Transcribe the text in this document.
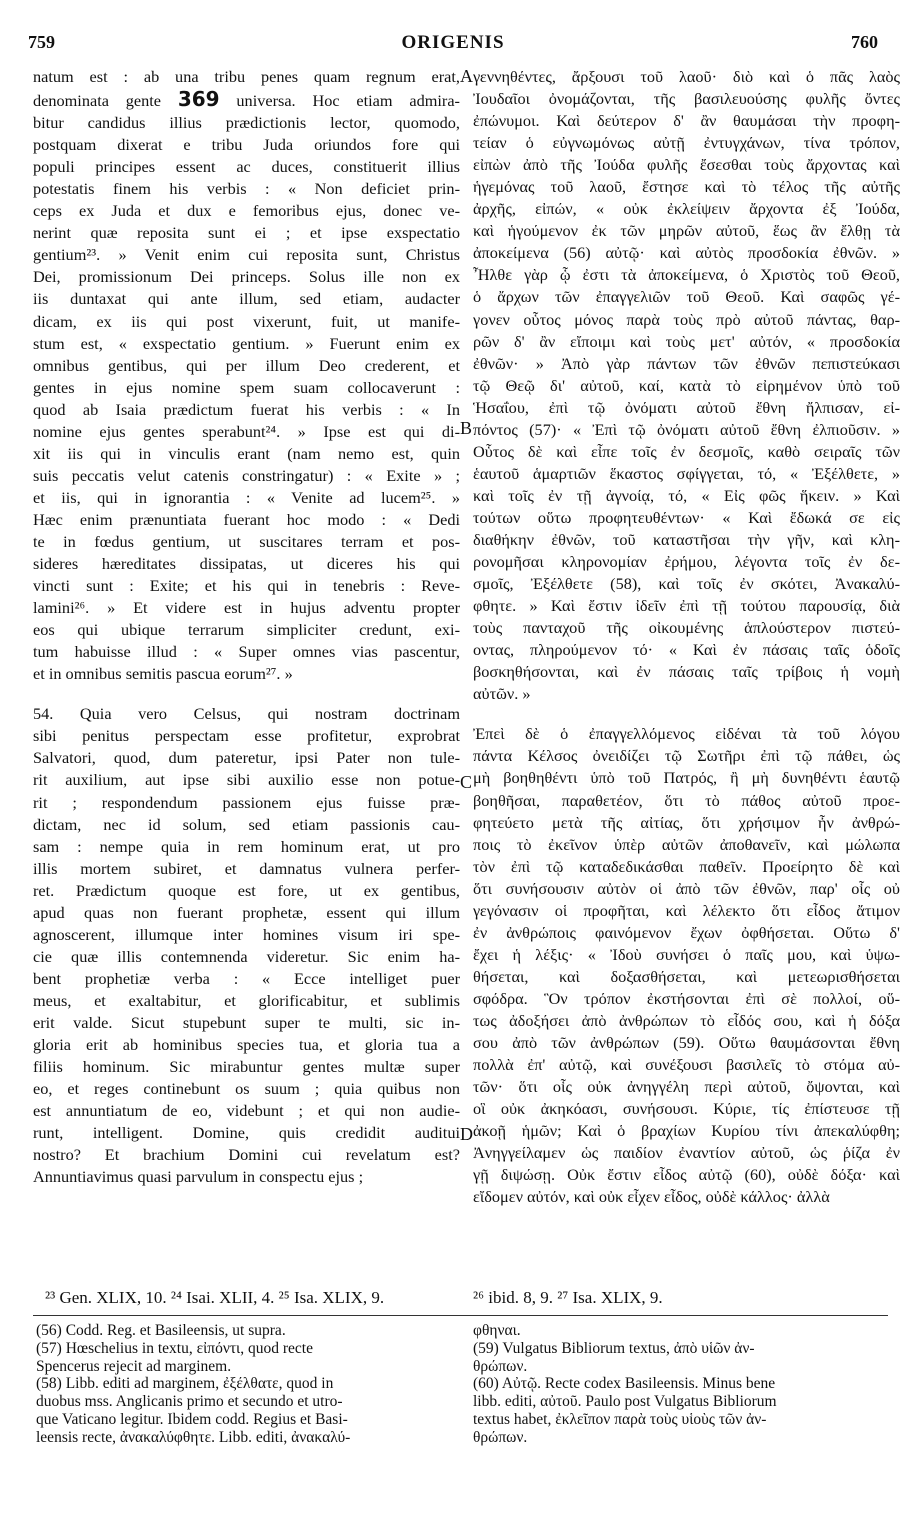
759	ORIGENIS	760
natum est : ab una tribu penes quam regnum erat,
denominata gente 369 universa. Hoc etiam admira-
bitur candidus illius prædictionis lector, quomodo,
postquam dixerat e tribu Juda oriundos fore qui
populi principes essent ac duces, constituerit illius
potestatis finem his verbis : « Non deficiet prin-
ceps ex Juda et dux e femoribus ejus, donec ve-
nerint quæ reposita sunt ei ; et ipse exspectatio
gentium²³. » Venit enim cui reposita sunt, Christus
Dei, promissionum Dei princeps. Solus ille non ex
iis duntaxat qui ante illum, sed etiam, audacter
dicam, ex iis qui post vixerunt, fuit, ut manife-
stum est, « exspectatio gentium. » Fuerunt enim ex
omnibus gentibus, qui per illum Deo crederent, et
gentes in ejus nomine spem suam collocaverunt :
quod ab Isaia prædictum fuerat his verbis : « In
nomine ejus gentes sperabunt²⁴. » Ipse est qui di-
xit iis qui in vinculis erant (nam nemo est, quin
suis peccatis velut catenis constringatur) : « Exite » ;
et iis, qui in ignorantia : « Venite ad lucem²⁵. »
Hæc enim prænuntiata fuerant hoc modo : « Dedi
te in fœdus gentium, ut suscitares terram et pos-
sideres hæreditates dissipatas, ut diceres his qui
vincti sunt : Exite; et his qui in tenebris : Reve-
lamini²⁶. » Et videre est in hujus adventu propter
eos qui ubique terrarum simpliciter credunt, exi-
tum habuisse illud : « Super omnes vias pascentur,
et in omnibus semitis pascua eorum²⁷. »
54. Quia vero Celsus, qui nostram doctrinam
sibi penitus perspectam esse profitetur, exprobrat
Salvatori, quod, dum pateretur, ipsi Pater non tule-
rit auxilium, aut ipse sibi auxilio esse non potue-
rit ; respondendum passionem ejus fuisse præ-
dictam, nec id solum, sed etiam passionis cau-
sam : nempe quia in rem hominum erat, ut pro
illis mortem subiret, et damnatus vulnera perfer-
ret. Prædictum quoque est fore, ut ex gentibus,
apud quas non fuerant prophetæ, essent qui illum
agnoscerent, illumque inter homines visum iri spe-
cie quæ illis contemnenda videretur. Sic enim ha-
bent prophetiæ verba : « Ecce intelliget puer
meus, et exaltabitur, et glorificabitur, et sublimis
erit valde. Sicut stupebunt super te multi, sic in-
gloria erit ab hominibus species tua, et gloria tua a
filiis hominum. Sic mirabuntur gentes multæ super
eo, et reges continebunt os suum ; quia quibus non
est annuntiatum de eo, videbunt ; et qui non audie-
runt, intelligent. Domine, quis credidit auditui
nostro? Et brachium Domini cui revelatum est?
Annuntiavimus quasi parvulum in conspectu ejus ;
γεννηθέντες, ἄρξουσι τοῦ λαοῦ· διὸ καὶ ὁ πᾶς λαὸς
Ἰουδαῖοι ὀνομάζονται, τῆς βασιλευούσης φυλῆς ὄντες
ἐπώνυμοι. Καὶ δεύτερον δ' ἂν θαυμάσαι τὴν προφη-
τείαν ὁ εὐγνωμόνως αὐτῇ ἐντυγχάνων, τίνα τρόπον,
εἰπὼν ἀπὸ τῆς Ἰούδα φυλῆς ἔσεσθαι τοὺς ἄρχοντας καὶ
ἡγεμόνας τοῦ λαοῦ, ἔστησε καὶ τὸ τέλος τῆς αὐτῆς
ἀρχῆς, εἰπών, « οὐκ ἐκλείψειν ἄρχοντα ἐξ Ἰούδα,
καὶ ἡγούμενον ἐκ τῶν μηρῶν αὐτοῦ, ἕως ἂν ἔλθῃ τὰ
ἀποκείμενα (56) αὐτῷ· καὶ αὐτὸς προσδοκία ἐθνῶν. »
Ἦλθε γὰρ ᾧ ἐστι τὰ ἀποκείμενα, ὁ Χριστὸς τοῦ Θεοῦ,
ὁ ἄρχων τῶν ἐπαγγελιῶν τοῦ Θεοῦ. Καὶ σαφῶς γέ-
γονεν οὗτος μόνος παρὰ τοὺς πρὸ αὐτοῦ πάντας, θαρ-
ρῶν δ' ἂν εἴποιμι καὶ τοὺς μετ' αὐτόν, « προσδοκία
ἐθνῶν· » Ἀπὸ γὰρ πάντων τῶν ἐθνῶν πεπιστεύκασι
τῷ Θεῷ δι' αὐτοῦ, καί, κατὰ τὸ εἰρημένον ὑπὸ τοῦ
Ἡσαΐου, ἐπὶ τῷ ὀνόματι αὐτοῦ ἔθνη ἤλπισαν, εἰ-
πόντος (57)· « Ἐπὶ τῷ ὀνόματι αὐτοῦ ἔθνη ἐλπιοῦσιν. »
Οὗτος δὲ καὶ εἶπε τοῖς ἐν δεσμοῖς, καθὸ σειραῖς τῶν
ἑαυτοῦ ἁμαρτιῶν ἕκαστος σφίγγεται, τό, « Ἐξέλθετε, »
καὶ τοῖς ἐν τῇ ἀγνοίᾳ, τό, « Εἰς φῶς ἥκειν. » Καὶ
τούτων οὕτω προφητευθέντων· « Καὶ ἔδωκά σε εἰς
διαθήκην ἐθνῶν, τοῦ καταστῆσαι τὴν γῆν, καὶ κλη-
ρονομῆσαι κληρονομίαν ἐρήμου, λέγοντα τοῖς ἐν δε-
σμοῖς, Ἐξέλθετε (58), καὶ τοῖς ἐν σκότει, Ἀνακαλύ-
φθητε. » Καὶ ἔστιν ἰδεῖν ἐπὶ τῇ τούτου παρουσίᾳ, διὰ
τοὺς πανταχοῦ τῆς οἰκουμένης ἁπλούστερον πιστεύ-
οντας, πληρούμενον τό· « Καὶ ἐν πάσαις ταῖς ὁδοῖς
βοσκηθήσονται, καὶ ἐν πάσαις ταῖς τρίβοις ἡ νομὴ
αὐτῶν. »
Ἐπεὶ δὲ ὁ ἐπαγγελλόμενος εἰδέναι τὰ τοῦ λόγου
πάντα Κέλσος ὀνειδίζει τῷ Σωτῆρι ἐπὶ τῷ πάθει, ὡς
μὴ βοηθηθέντι ὑπὸ τοῦ Πατρός, ἢ μὴ δυνηθέντι ἑαυτῷ
βοηθῆσαι, παραθετέον, ὅτι τὸ πάθος αὐτοῦ προε-
φητεύετο μετὰ τῆς αἰτίας, ὅτι χρήσιμον ἦν ἀνθρώ-
ποις τὸ ἐκεῖνον ὑπὲρ αὐτῶν ἀποθανεῖν, καὶ μώλωπα
τὸν ἐπὶ τῷ καταδεδικάσθαι παθεῖν. Προείρητο δὲ καὶ
ὅτι συνήσουσιν αὐτὸν οἱ ἀπὸ τῶν ἐθνῶν, παρ' οἷς οὐ
γεγόνασιν οἱ προφῆται, καὶ λέλεκτο ὅτι εἶδος ἄτιμον
ἐν ἀνθρώποις φαινόμενον ἔχων ὀφθήσεται. Οὕτω δ'
ἔχει ἡ λέξις· « Ἰδοὺ συνήσει ὁ παῖς μου, καὶ ὑψω-
θήσεται, καὶ δοξασθήσεται, καὶ μετεωρισθήσεται
σφόδρα. Ὃν τρόπον ἐκστήσονται ἐπὶ σὲ πολλοί, οὕ-
τως ἀδοξήσει ἀπὸ ἀνθρώπων τὸ εἶδός σου, καὶ ἡ δόξα
σου ἀπὸ τῶν ἀνθρώπων (59). Οὕτω θαυμάσονται ἔθνη
πολλὰ ἐπ' αὐτῷ, καὶ συνέξουσι βασιλεῖς τὸ στόμα αὐ-
τῶν· ὅτι οἷς οὐκ ἀνηγγέλη περὶ αὐτοῦ, ὄψονται, καὶ
οἳ οὐκ ἀκηκόασι, συνήσουσι. Κύριε, τίς ἐπίστευσε τῇ
ἀκοῇ ἡμῶν; Καὶ ὁ βραχίων Κυρίου τίνι ἀπεκαλύφθη;
Ἀνηγγείλαμεν ὡς παιδίον ἐναντίον αὐτοῦ, ὡς ῥίζα ἐν
γῇ διψώσῃ. Οὐκ ἔστιν εἶδος αὐτῷ (60), οὐδὲ δόξα· καὶ
εἴδομεν αὐτόν, καὶ οὐκ εἶχεν εἶδος, οὐδὲ κάλλος· ἀλλὰ
A
B
C
D
²³ Gen. XLIX, 10. ²⁴ Isai. XLII, 4. ²⁵ Isa. XLIX, 9.	²⁶ ibid. 8, 9. ²⁷ Isa. XLIX, 9.
(56) Codd. Reg. et Basileensis, ut supra.
(57) Hœschelius in textu, εἰπόντι, quod recte
Spencerus rejecit ad marginem.
(58) Libb. editi ad marginem, ἐξέλθατε, quod in
duobus mss. Anglicanis primo et secundo et utro-
que Vaticano legitur. Ibidem codd. Regius et Basi-
leensis recte, ἀνακαλύφθητε. Libb. editi, ἀνακαλύ-
φθηναι.
(59) Vulgatus Bibliorum textus, ἀπὸ υἱῶν ἀν-
θρώπων.
(60) Αὐτῷ. Recte codex Basileensis. Minus bene
libb. editi, αὐτοῦ. Paulo post Vulgatus Bibliorum
textus habet, ἐκλεῖπον παρὰ τοὺς υἱοὺς τῶν ἀν-
θρώπων.
